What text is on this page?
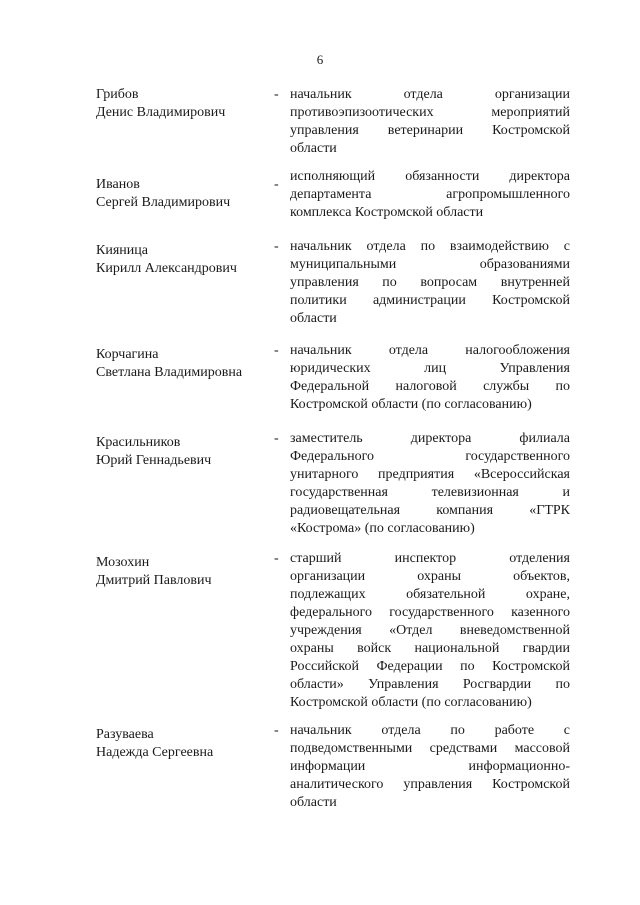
6
Грибов
Денис Владимирович
- начальник отдела организации
противоэпизоотических мероприятий
управления ветеринарии Костромской
области
Иванов
Сергей Владимирович
-
исполняющий обязанности директора
департамента агропромышленного
комплекса Костромской области
Кияница
Кирилл Александрович
- начальник отдела по взаимодействию с
муниципальными образованиями
управления по вопросам внутренней
политики администрации Костромской
области
Корчагина
Светлана Владимировна
- начальник отдела налогообложения
юридических лиц Управления
Федеральной налоговой службы по
Костромской области (по согласованию)
Красильников
Юрий Геннадьевич
- заместитель директора филиала
Федерального государственного
унитарного предприятия «Всероссийская
государственная телевизионная и
радиовещательная компания «ГТРК
«Кострома» (по согласованию)
Мозохин
Дмитрий Павлович
- старший инспектор отделения
организации охраны объектов,
подлежащих обязательной охране,
федерального государственного казенного
учреждения «Отдел вневедомственной
охраны войск национальной гвардии
Российской Федерации по Костромской
области» Управления Росгвардии по
Костромской области (по согласованию)
Разуваева
Надежда Сергеевна
- начальник отдела по работе с
подведомственными средствами массовой
информации информационно-
аналитического управления Костромской
области
